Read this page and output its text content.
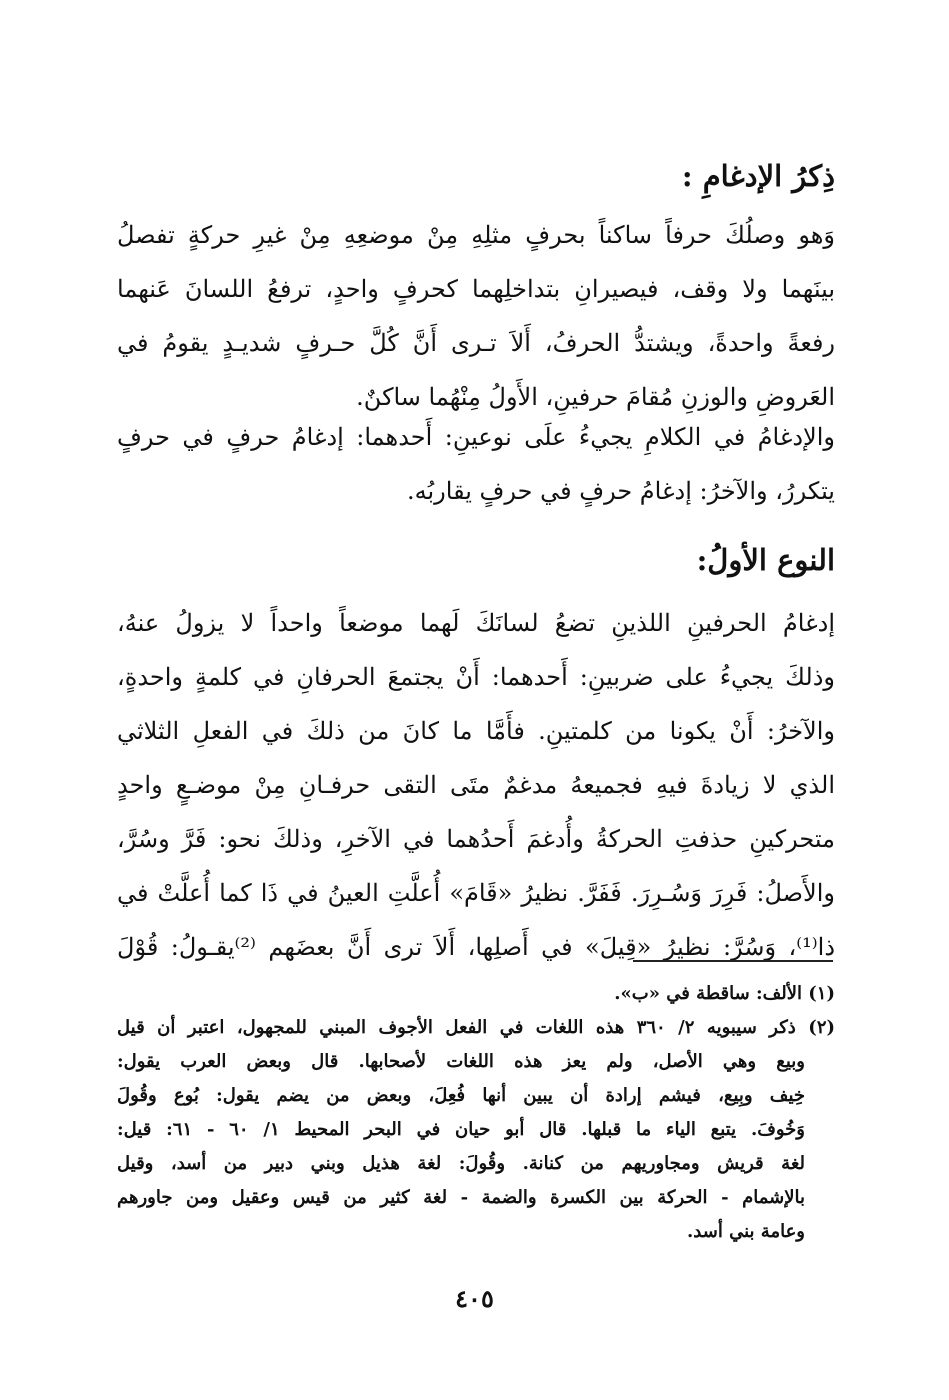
ذِكرُ الإدغامِ :
وَهو وصلُكَ حرفاً ساكناً بحرفٍ مثلِهِ مِنْ موضعِهِ مِنْ غيرِ حركةٍ تفصلُ
بينَهما ولا وقف، فيصيرانِ بتداخلِهما كحرفٍ واحدٍ، ترفعُ اللسانَ عَنهما
رفعةً واحدةً، ويشتدُّ الحرفُ، أَلاَ تـرى أَنَّ كُلَّ حـرفٍ شديـدٍ يقومُ في
العَروضِ والوزنِ مُقامَ حرفينِ، الأَولُ مِنْهُما ساكنٌ.
والإدغامُ في الكلامِ يجيءُ علَى نوعينِ: أَحدهما: إدغامُ حرفٍ في حرفٍ
يتكررُ، والآخرُ: إدغامُ حرفٍ في حرفٍ يقاربُه.
النوع الأولُ:
إدغامُ الحرفينِ اللذينِ تضعُ لسانَكَ لَهما موضعاً واحداً لا يزولُ عنهُ،
وذلكَ يجيءُ على ضربينِ: أَحدهما: أَنْ يجتمعَ الحرفانِ في كلمةٍ واحدةٍ،
والآخرُ: أَنْ يكونا من كلمتينِ. فأَمَّا ما كانَ من ذلكَ في الفعلِ الثلاثي
الذي لا زيادةَ فيهِ فجميعهُ مدغمٌ متَى التقى حرفـانِ مِنْ موضـعٍ واحدٍ
متحركينِ حذفتِ الحركةُ وأُدغمَ أَحدُهما في الآخرِ، وذلكَ نحو: فَرَّ وسُرَّ،
والأَصلُ: فَرِرَ وَسُـرِرَ. فَفَرَّ. نظيرُ «قَامَ» أُعلَّتِ العينُ في ذَا كما أُعلَّتْ في
ذا⁽¹⁾، وَسُرَّ: نظيرُ «قِيلَ» في أَصلِها، أَلاَ ترى أَنَّ بعضَهم ⁽²⁾يقـولُ: قُوْلَ
(١) الألف: ساقطة في «ب».
(٢) ذكر سيبويه ٢/ ٣٦٠ هذه اللغات في الفعل الأجوف المبني للمجهول، اعتبر أن قيل
وبيع وهي الأصل، ولم يعز هذه اللغات لأصحابها. قال وبعض العرب يقول:
خِيف وبِيع، فيشم إرادة أن يبين أنها فُعِلَ، وبعض من يضم يقول: بُوع وقُولَ
وَخُوفَ. يتبع الياء ما قبلها. قال أبو حيان في البحر المحيط ١/ ٦٠ - ٦١: قيل:
لغة قريش ومجاوريهم من كنانة. وقُولَ: لغة هذيل وبني دبير من أسد، وقيل
بالإشمام - الحركة بين الكسرة والضمة - لغة كثير من قيس وعقيل ومن جاورهم
وعامة بني أسد.
٤٠٥
